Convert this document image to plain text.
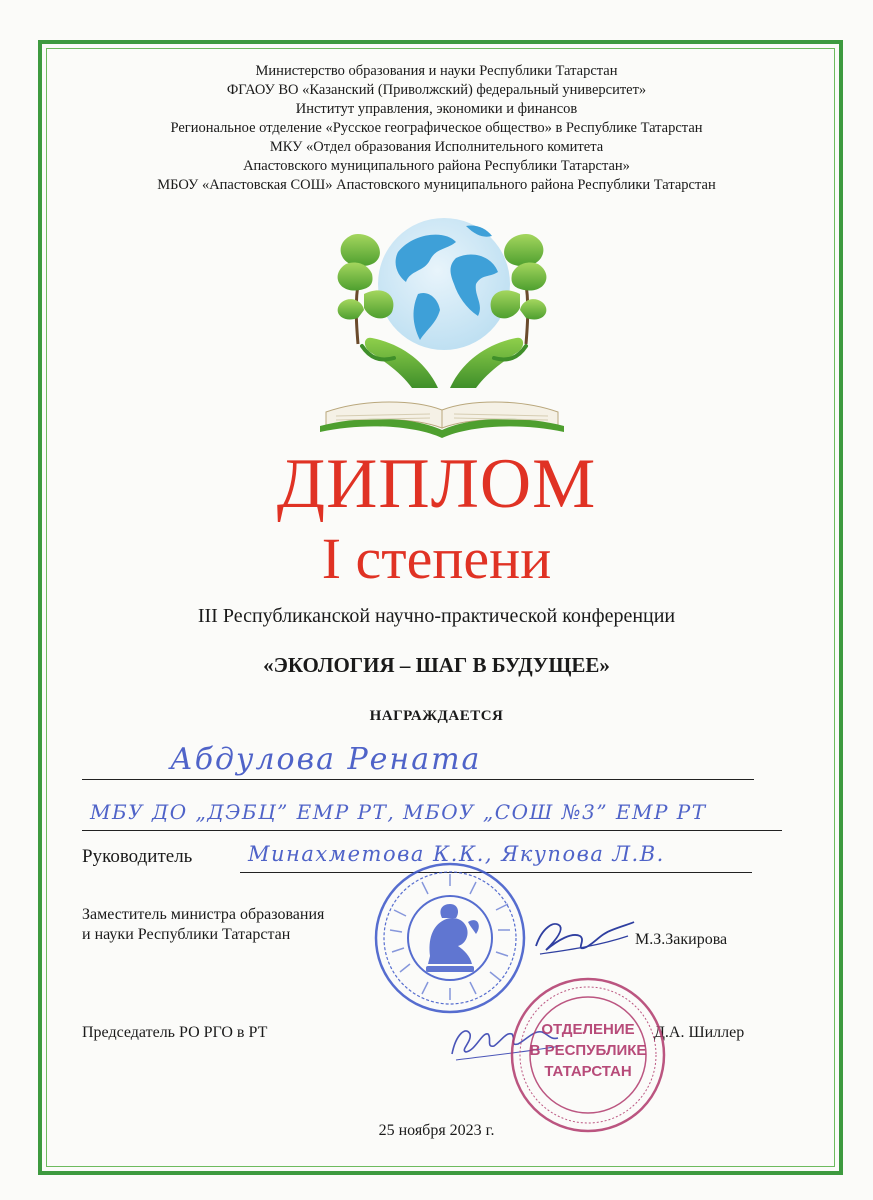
Министерство образования и науки Республики Татарстан
ФГАОУ ВО «Казанский (Приволжский) федеральный университет»
Институт управления, экономики и финансов
Региональное отделение «Русское географическое общество» в Республике Татарстан
МКУ «Отдел образования Исполнительного комитета
Апастовского муниципального района Республики Татарстан»
МБОУ «Апастовская СОШ» Апастовского муниципального района Республики Татарстан
ДИПЛОМ
I степени
III Республиканской научно-практической конференции
«ЭКОЛОГИЯ – ШАГ В БУДУЩЕЕ»
НАГРАЖДАЕТСЯ
Абдулова Рената
МБУ ДО „ДЭБЦ” ЕМР РТ, МБОУ „СОШ №3” ЕМР РТ
Руководитель	Минахметова К.К., Якупова Л.В.
Заместитель министра образования
и науки Республики Татарстан	М.З.Закирова
Председатель РО РГО в РТ	Д.А. Шиллер
ОТДЕЛЕНИЕ
В РЕСПУБЛИКЕ
ТАТАРСТАН
25 ноября 2023 г.
